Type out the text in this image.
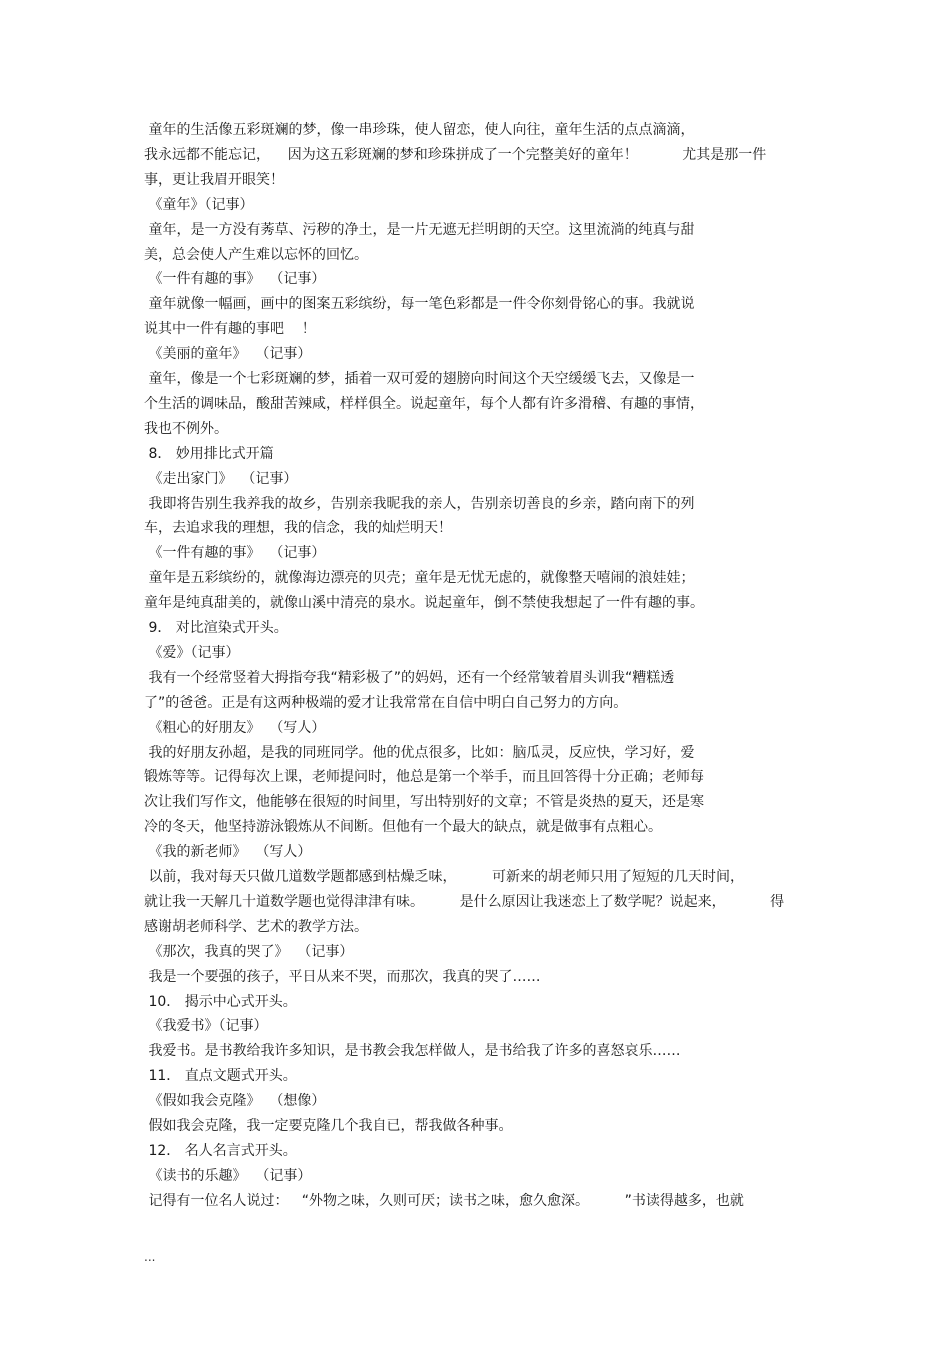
童年的生活像五彩斑斓的梦，像一串珍珠，使人留恋，使人向往，童年生活的点点滴滴，
我永远都不能忘记，    因为这五彩斑斓的梦和珍珠拼成了一个完整美好的童年！          尤其是那一件
事，更让我眉开眼笑！
《童年》（记事）
童年，是一方没有莠草、污秽的净土，是一片无遮无拦明朗的天空。这里流淌的纯真与甜
美，总会使人产生难以忘怀的回忆。
《一件有趣的事》  （记事）
童年就像一幅画，画中的图案五彩缤纷，每一笔色彩都是一件令你刻骨铭心的事。我就说
说其中一件有趣的事吧    ！
《美丽的童年》  （记事）
童年，像是一个七彩斑斓的梦，插着一双可爱的翅膀向时间这个天空缓缓飞去，又像是一
个生活的调味品，酸甜苦辣咸，样样俱全。说起童年，每个人都有许多滑稽、有趣的事情，
我也不例外。
8． 妙用排比式开篇
《走出家门》  （记事）
我即将告别生我养我的故乡，告别亲我昵我的亲人，告别亲切善良的乡亲，踏向南下的列
车，去追求我的理想，我的信念，我的灿烂明天！
《一件有趣的事》  （记事）
童年是五彩缤纷的，就像海边漂亮的贝壳；童年是无忧无虑的，就像整天嘻闹的浪娃娃；
童年是纯真甜美的，就像山溪中清亮的泉水。说起童年，倒不禁使我想起了一件有趣的事。
9． 对比渲染式开头。
《爱》（记事）
我有一个经常竖着大拇指夸我“精彩极了”的妈妈，还有一个经常皱着眉头训我“糟糕透
了”的爸爸。正是有这两种极端的爱才让我常常在自信中明白自己努力的方向。
《粗心的好朋友》  （写人）
我的好朋友孙超，是我的同班同学。他的优点很多，比如：脑瓜灵，反应快，学习好，爱
锻炼等等。记得每次上课，老师提问时，他总是第一个举手，而且回答得十分正确；老师每
次让我们写作文，他能够在很短的时间里，写出特别好的文章；不管是炎热的夏天，还是寒
冷的冬天，他坚持游泳锻炼从不间断。但他有一个最大的缺点，就是做事有点粗心。
《我的新老师》  （写人）
以前，我对每天只做几道数学题都感到枯燥乏味，        可新来的胡老师只用了短短的几天时间，
就让我一天解几十道数学题也觉得津津有味。        是什么原因让我迷恋上了数学呢？说起来，          得
感谢胡老师科学、艺术的教学方法。
《那次，我真的哭了》  （记事）
我是一个要强的孩子，平日从来不哭，而那次，我真的哭了……
10． 揭示中心式开头。
《我爱书》（记事）
我爱书。是书教给我许多知识，是书教会我怎样做人，是书给我了许多的喜怒哀乐……
11． 直点文题式开头。
《假如我会克隆》  （想像）
假如我会克隆，我一定要克隆几个我自已，帮我做各种事。
12． 名人名言式开头。
《读书的乐趣》  （记事）
记得有一位名人说过：   “外物之味，久则可厌；读书之味，愈久愈深。        ”书读得越多，也就
...
